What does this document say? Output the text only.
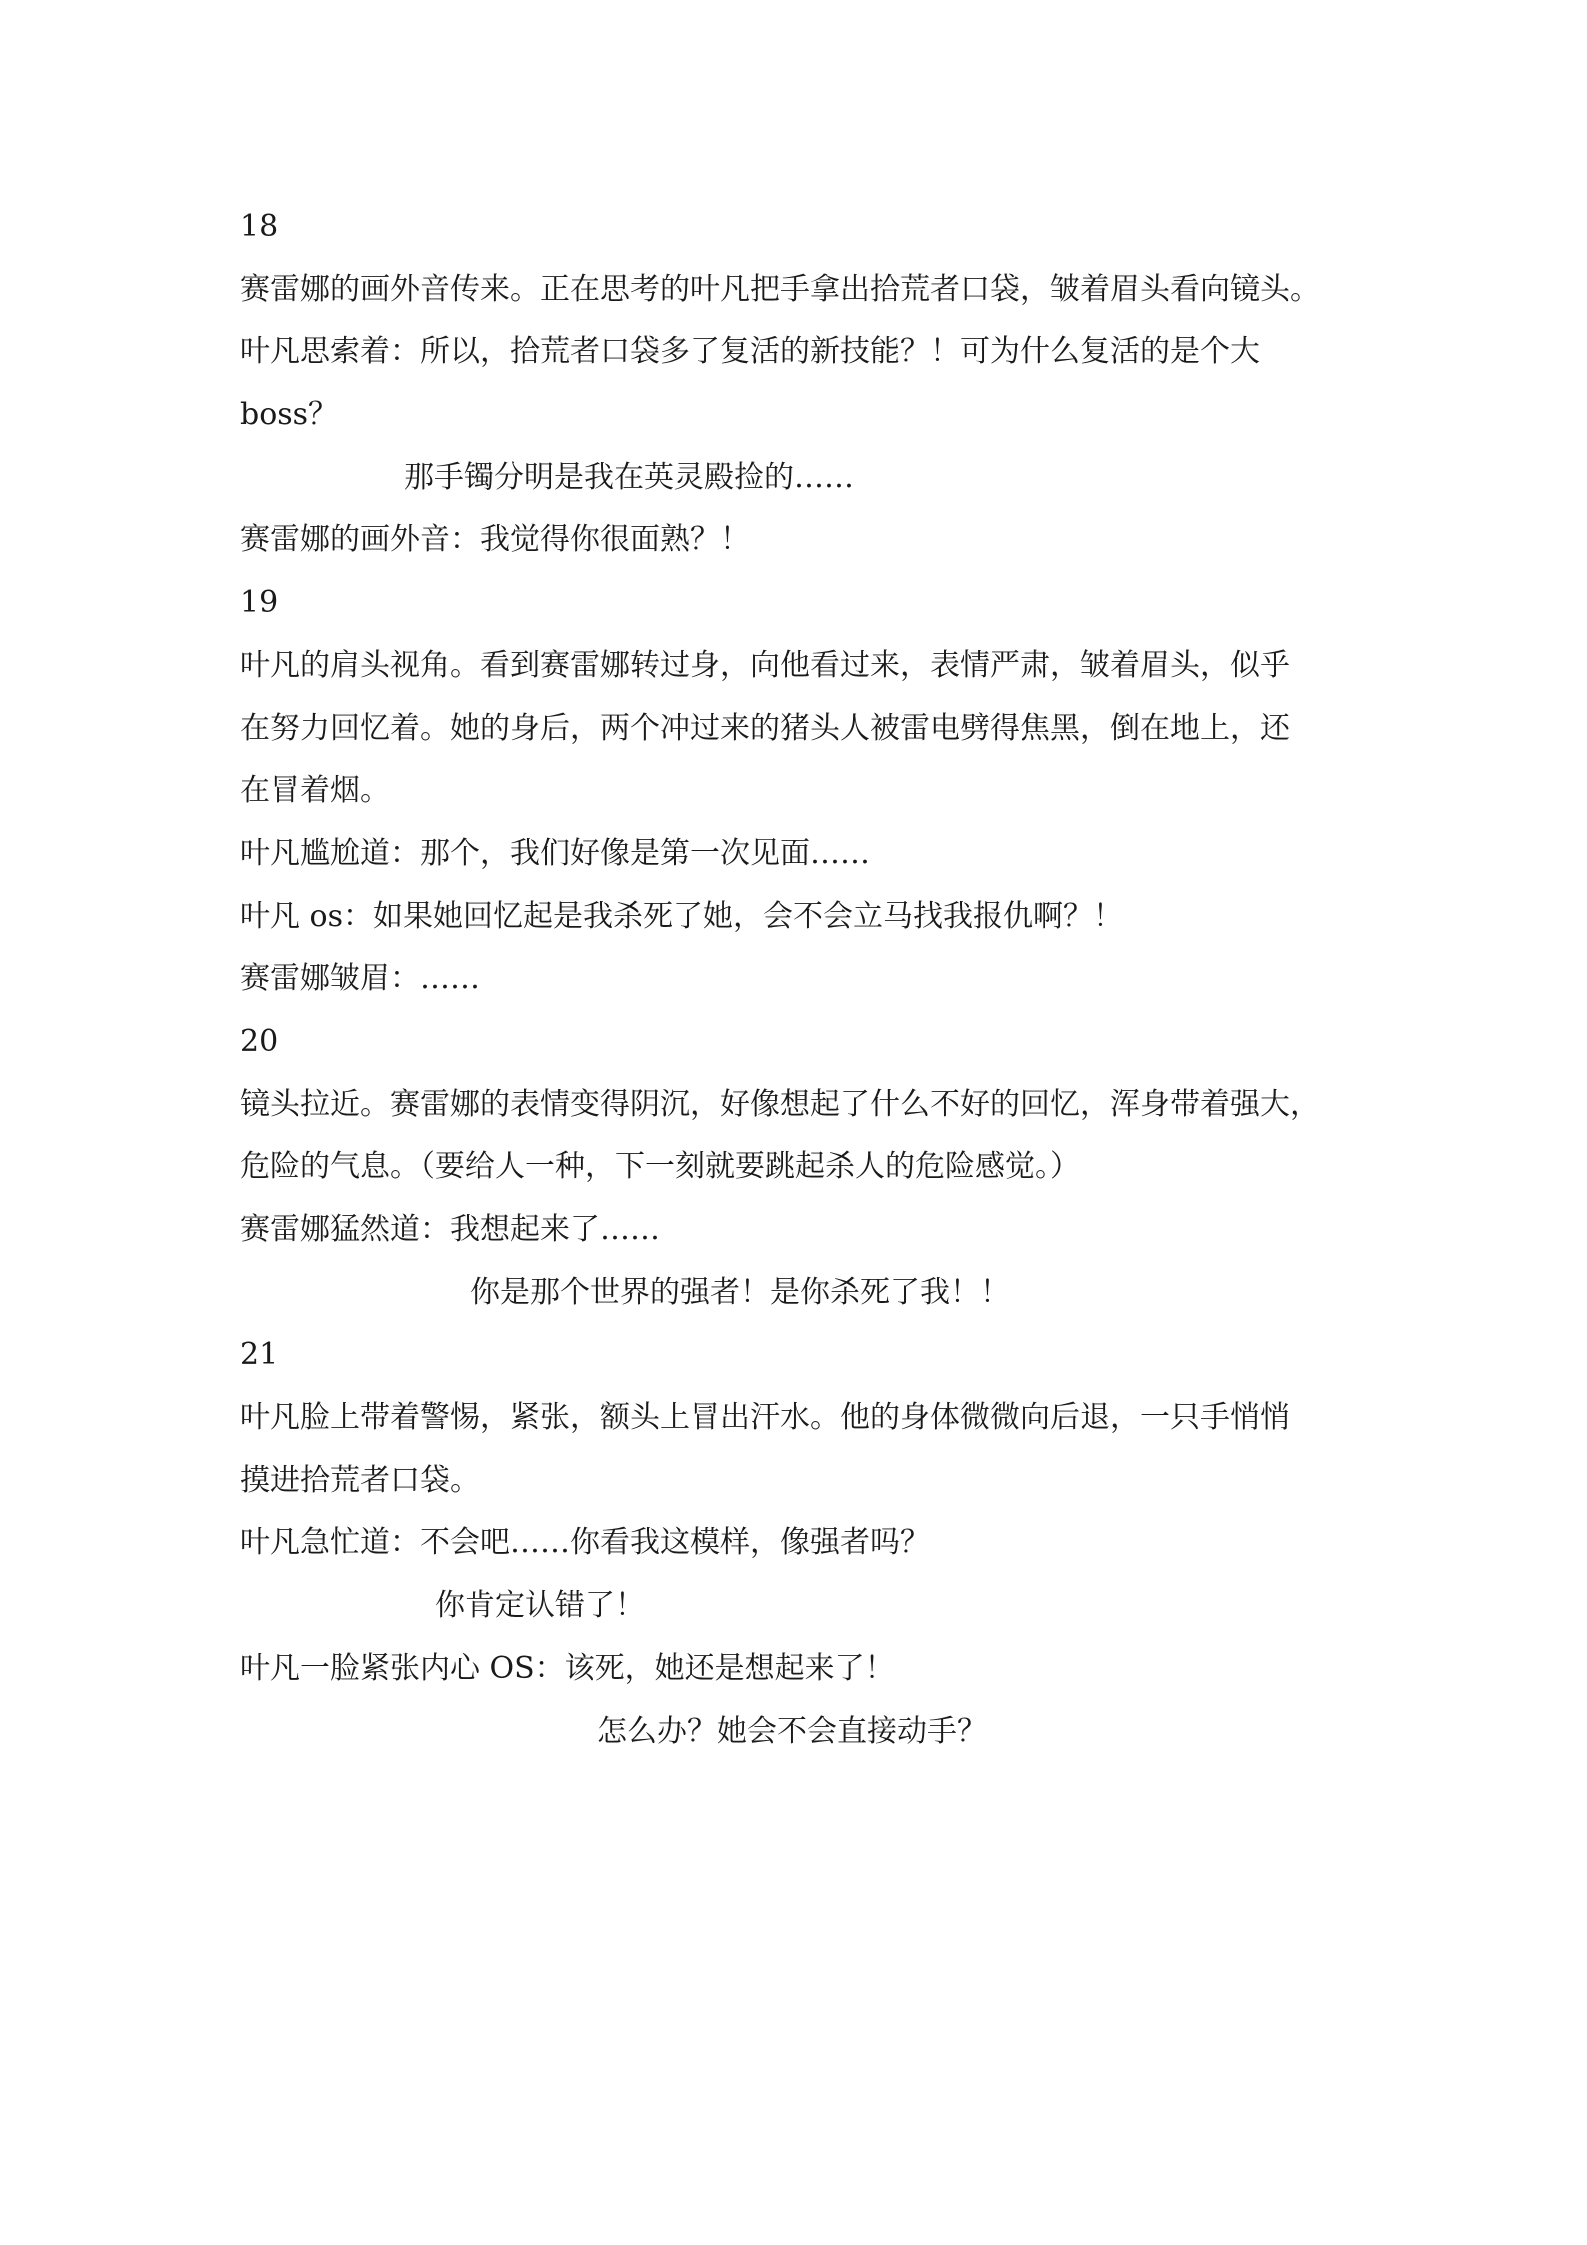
18
赛雷娜的画外音传来。正在思考的叶凡把手拿出拾荒者口袋，皱着眉头看向镜头。
叶凡思索着：所以，拾荒者口袋多了复活的新技能？！可为什么复活的是个大
boss？
那手镯分明是我在英灵殿捡的……
赛雷娜的画外音：我觉得你很面熟？！
19
叶凡的肩头视角。看到赛雷娜转过身，向他看过来，表情严肃，皱着眉头，似乎
在努力回忆着。她的身后，两个冲过来的猪头人被雷电劈得焦黑，倒在地上，还
在冒着烟。
叶凡尴尬道：那个，我们好像是第一次见面……
叶凡 os：如果她回忆起是我杀死了她，会不会立马找我报仇啊？！
赛雷娜皱眉：……
20
镜头拉近。赛雷娜的表情变得阴沉，好像想起了什么不好的回忆，浑身带着强大，
危险的气息。（要给人一种，下一刻就要跳起杀人的危险感觉。）
赛雷娜猛然道：我想起来了……
你是那个世界的强者！是你杀死了我！！
21
叶凡脸上带着警惕，紧张，额头上冒出汗水。他的身体微微向后退，一只手悄悄
摸进拾荒者口袋。
叶凡急忙道：不会吧……你看我这模样，像强者吗？
你肯定认错了！
叶凡一脸紧张内心 OS：该死，她还是想起来了！
怎么办？她会不会直接动手？
